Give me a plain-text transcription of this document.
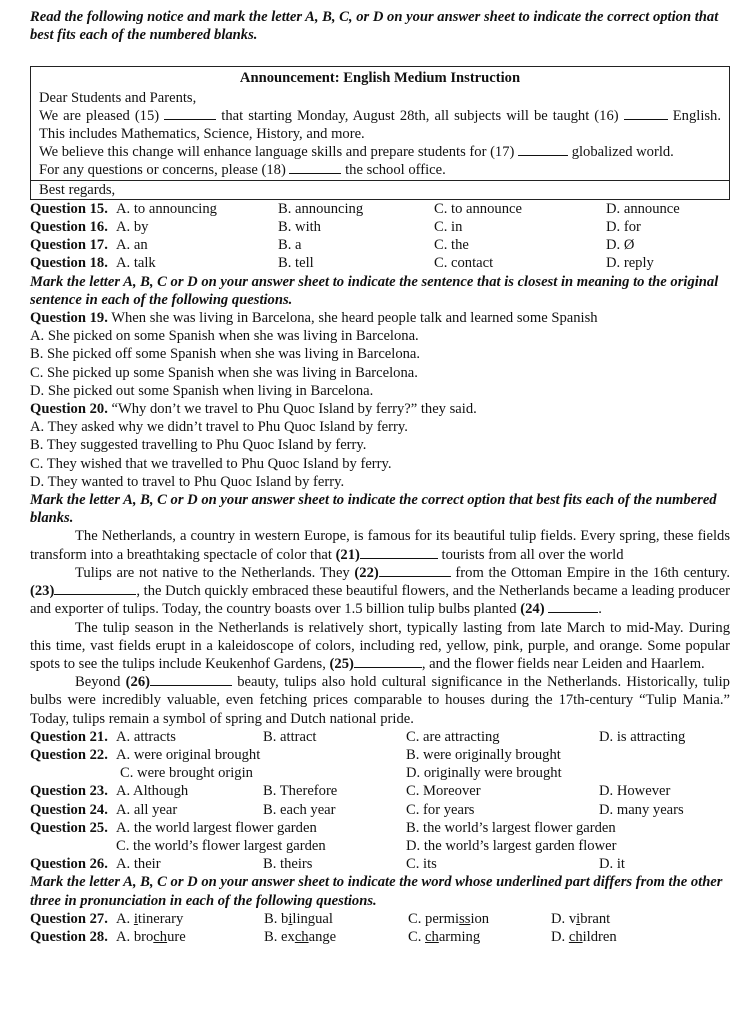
Read the following notice and mark the letter A, B, C, or D on your answer sheet to indicate the correct option that best fits each of the numbered blanks.
Announcement: English Medium Instruction

Dear Students and Parents,

We are pleased (15)	that starting Monday, August 28th, all subjects will be taught (16)	English. This includes Mathematics, Science, History, and more.

We believe this change will enhance language skills and prepare students for (17)	globalized world.

For any questions or concerns, please (18)	the school office.

Best regards,

Question 15. A. to announcing	B. announcing	C. to announce	D. announce
Question 16. A. by	B. with	C. in	D. for
Question 17. A. an	B. a	C. the	D. Ø
Question 18. A. talk	B. tell	C. contact	D. reply
Mark the letter A, B, C or D on your answer sheet to indicate the sentence that is closest in meaning to the original sentence in each of the following questions.
Question 19. When she was living in Barcelona, she heard people talk and learned some Spanish
A. She picked on some Spanish when she was living in Barcelona.
B. She picked off some Spanish when she was living in Barcelona.
C. She picked up some Spanish when she was living in Barcelona.
D. She picked out some Spanish when living in Barcelona.
Question 20. “Why don’t we travel to Phu Quoc Island by ferry?” they said.
A. They asked why we didn’t travel to Phu Quoc Island by ferry.
B. They suggested travelling to Phu Quoc Island by ferry.
C. They wished that we travelled to Phu Quoc Island by ferry.
D. They wanted to travel to Phu Quoc Island by ferry.
Mark the letter A, B, C or D on your answer sheet to indicate the correct option that best fits each of the numbered blanks.

The Netherlands, a country in western Europe, is famous for its beautiful tulip fields. Every spring, these fields transform into a breathtaking spectacle of color that (21)	tourists from all over the world

Tulips are not native to the Netherlands. They (22)	from the Ottoman Empire in the 16th century. (23)	, the Dutch quickly embraced these beautiful flowers, and the Netherlands became a leading producer and exporter of tulips. Today, the country boasts over 1.5 billion tulip bulbs planted (24)	.

The tulip season in the Netherlands is relatively short, typically lasting from late March to mid-May. During this time, vast fields erupt in a kaleidoscope of colors, including red, yellow, pink, purple, and orange. Some popular spots to see the tulips include Keukenhof Gardens, (25)	, and the flower fields near Leiden and Haarlem.

Beyond (26)	beauty, tulips also hold cultural significance in the Netherlands. Historically, tulip bulbs were incredibly valuable, even fetching prices comparable to houses during the 17th-century “Tulip Mania.” Today, tulips remain a symbol of spring and Dutch national pride.

Question 21. A. attracts	B. attract	C. are attracting	D. is attracting
Question 22. A. were original brought	B. were originally brought
C. were brought origin	D. originally were brought
Question 23. A. Although	B. Therefore	C. Moreover	D. However
Question 24. A. all year	B. each year	C. for years	D. many years
Question 25. A. the world largest flower garden	B. the world’s largest flower garden
C. the world’s flower largest garden	D. the world’s largest garden flower
Question 26. A. their	B. theirs	C. its	D. it
Mark the letter A, B, C or D on your answer sheet to indicate the word whose underlined part differs from the other three in pronunciation in each of the following questions.
Question 27. A. itinerary	B. bilingual	C. permission	D. vibrant
Question 28. A. brochure	B. exchange	C. charming	D. children
